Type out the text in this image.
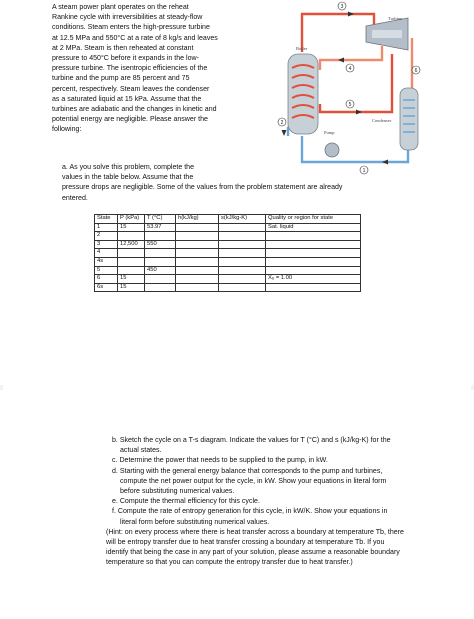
A steam power plant operates on the reheat
Rankine cycle with irreversibilities at steady-flow
conditions. Steam enters the high-pressure turbine
at 12.5 MPa and 550°C at a rate of 8 kg/s and leaves
at 2 MPa. Steam is then reheated at constant
pressure to 450°C before it expands in the low-
pressure turbine. The isentropic efficiencies of the
turbine and the pump are 85 percent and 75
percent, respectively. Steam leaves the condenser
as a saturated liquid at 15 kPa. Assume that the
turbines are adiabatic and the changes in kinetic and
potential energy are negligible. Please answer the
following:
a. As you solve this problem, complete the
values in the table below. Assume that the
pressure drops are negligible. Some of the values from the problem statement are already
entered.
Turbine
Boiler
Condenser
Pump
3
4
5
6
1
2
State	P (kPa)	T (°C)	h(kJ/kg)	s(kJ/kg-K)	Quality or region for state
1	15	53.97			Sat. liquid
2					
3	12,500	550			
4					
4s					
5		450			
6	15				X₆ = 1.00
6s	15				
b. Sketch the cycle on a T-s diagram. Indicate the values for T (°C) and s (kJ/kg-K) for the
actual states.
c. Determine the power that needs to be supplied to the pump, in kW.
d. Starting with the general energy balance that corresponds to the pump and turbines,
compute the net power output for the cycle, in kW. Show your equations in literal form
before substituting numerical values.
e. Compute the thermal efficiency for this cycle.
f. Compute the rate of entropy generation for this cycle, in kW/K. Show your equations in
literal form before substituting numerical values.
(Hint: on every process where there is heat transfer across a boundary at temperature Tb, there
will be entropy transfer due to heat transfer crossing a boundary at temperature Tb. If you
identify that being the case in any part of your solution, please assume a reasonable boundary
temperature so that you can compute the entropy transfer due to heat transfer.)
